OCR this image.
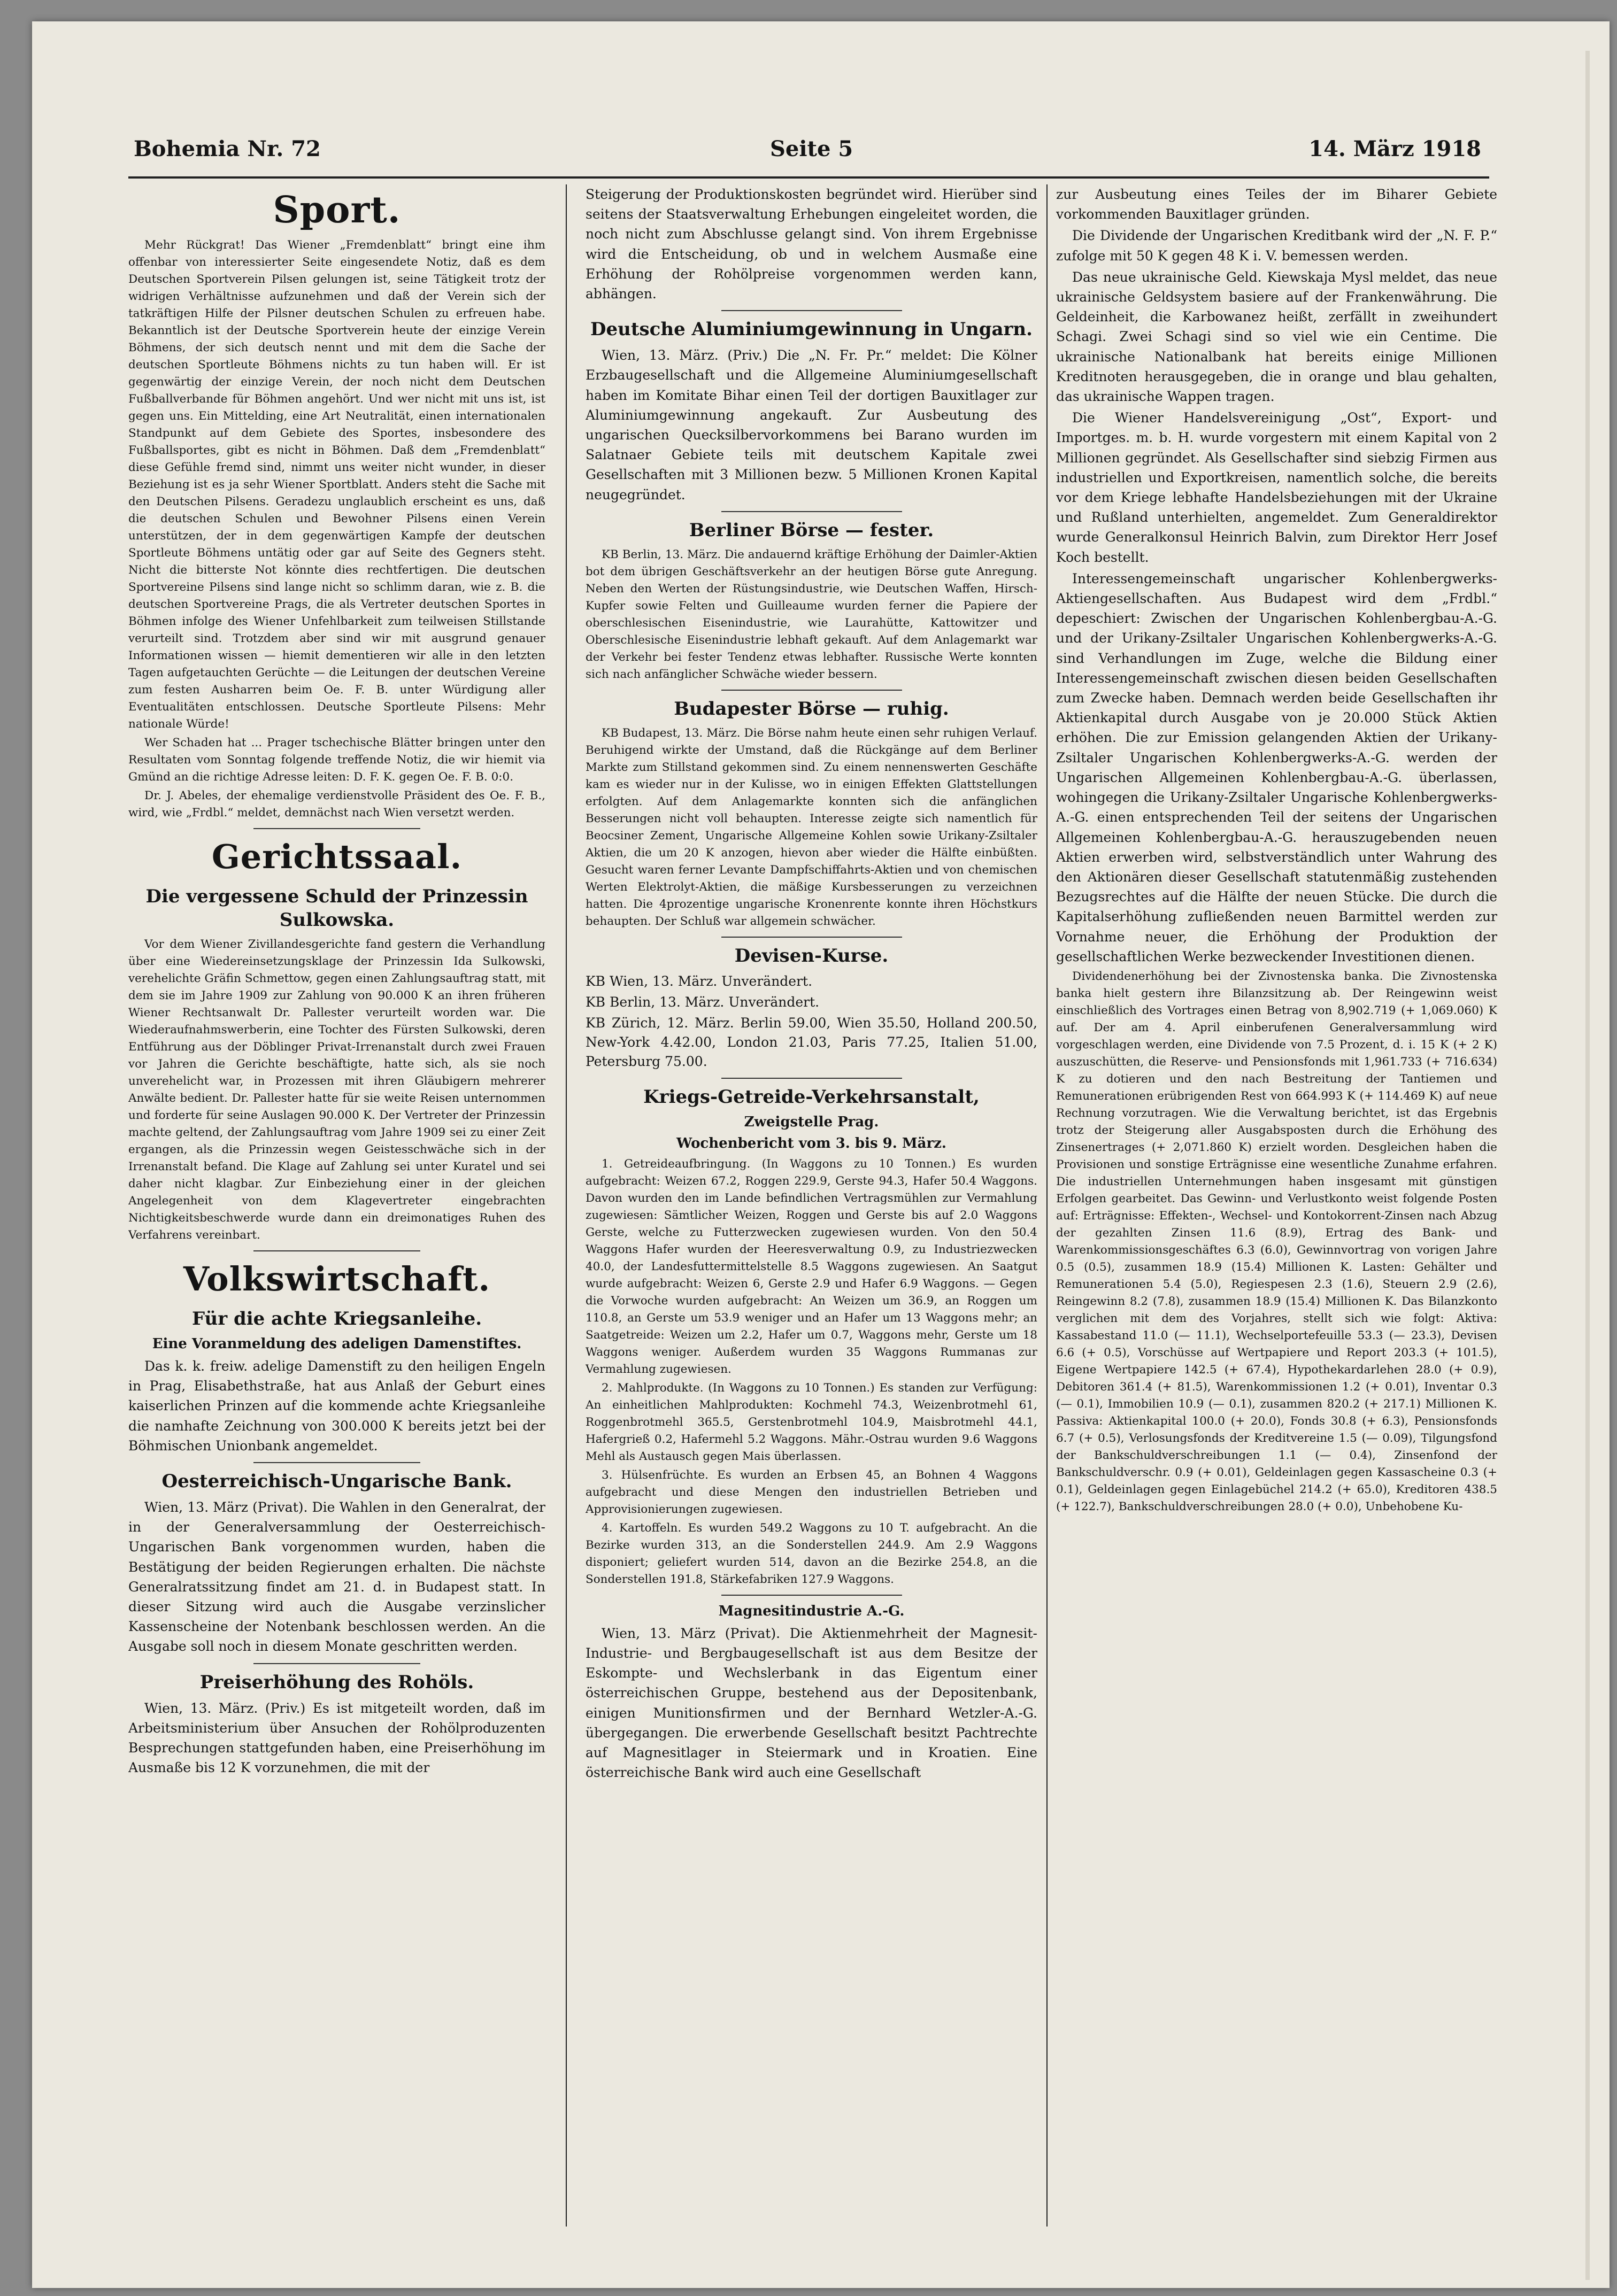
Bohemia Nr. 72	Seite 5	14. März 1918
Sport.

Mehr Rückgrat! Das Wiener „Fremdenblatt“ bringt eine ihm offenbar von interessierter Seite eingesendete Notiz, daß es dem Deutschen Sportverein Pilsen gelungen ist, seine Tätigkeit trotz der widrigen Verhältnisse aufzunehmen und daß der Verein sich der tatkräftigen Hilfe der Pilsner deutschen Schulen zu erfreuen habe. Bekanntlich ist der Deutsche Sportverein heute der einzige Verein Böhmens, der sich deutsch nennt und mit dem die Sache der deutschen Sportleute Böhmens nichts zu tun haben will. Er ist gegenwärtig der einzige Verein, der noch nicht dem Deutschen Fußballverbande für Böhmen angehört. Und wer nicht mit uns ist, ist gegen uns. Ein Mittelding, eine Art Neutralität, einen internationalen Standpunkt auf dem Gebiete des Sportes, insbesondere des Fußballsportes, gibt es nicht in Böhmen. Daß dem „Fremdenblatt“ diese Gefühle fremd sind, nimmt uns weiter nicht wunder, in dieser Beziehung ist es ja sehr Wiener Sportblatt. Anders steht die Sache mit den Deutschen Pilsens. Geradezu unglaublich erscheint es uns, daß die deutschen Schulen und Bewohner Pilsens einen Verein unterstützen, der in dem gegenwärtigen Kampfe der deutschen Sportleute Böhmens untätig oder gar auf Seite des Gegners steht. Nicht die bitterste Not könnte dies rechtfertigen. Die deutschen Sportvereine Pilsens sind lange nicht so schlimm daran, wie z. B. die deutschen Sportvereine Prags, die als Vertreter deutschen Sportes in Böhmen infolge des Wiener Unfehlbarkeit zum teilweisen Stillstande verurteilt sind. Trotzdem aber sind wir mit ausgrund genauer Informationen wissen — hiemit dementieren wir alle in den letzten Tagen aufgetauchten Gerüchte — die Leitungen der deutschen Vereine zum festen Ausharren beim Oe. F. B. unter Würdigung aller Eventualitäten entschlossen. Deutsche Sportleute Pilsens: Mehr nationale Würde!

Wer Schaden hat ... Prager tschechische Blätter bringen unter den Resultaten vom Sonntag folgende treffende Notiz, die wir hiemit via Gmünd an die richtige Adresse leiten: D. F. K. gegen Oe. F. B. 0:0.

Dr. J. Abeles, der ehemalige verdienstvolle Präsident des Oe. F. B., wird, wie „Frdbl.“ meldet, demnächst nach Wien versetzt werden.

Gerichtssaal.
Die vergessene Schuld der Prinzessin Sulkowska.

Vor dem Wiener Zivillandesgerichte fand gestern die Verhandlung über eine Wiedereinsetzungsklage der Prinzessin Ida Sulkowski, verehelichte Gräfin Schmettow, gegen einen Zahlungsauftrag statt, mit dem sie im Jahre 1909 zur Zahlung von 90.000 K an ihren früheren Wiener Rechtsanwalt Dr. Pallester verurteilt worden war. Die Wiederaufnahmswerberin, eine Tochter des Fürsten Sulkowski, deren Entführung aus der Döblinger Privat-Irrenanstalt durch zwei Frauen vor Jahren die Gerichte beschäftigte, hatte sich, als sie noch unverehelicht war, in Prozessen mit ihren Gläubigern mehrerer Anwälte bedient. Dr. Pallester hatte für sie weite Reisen unternommen und forderte für seine Auslagen 90.000 K. Der Vertreter der Prinzessin machte geltend, der Zahlungsauftrag vom Jahre 1909 sei zu einer Zeit ergangen, als die Prinzessin wegen Geistesschwäche sich in der Irrenanstalt befand. Die Klage auf Zahlung sei unter Kuratel und sei daher nicht klagbar. Zur Einbeziehung einer in der gleichen Angelegenheit von dem Klagevertreter eingebrachten Nichtigkeitsbeschwerde wurde dann ein dreimonatiges Ruhen des Verfahrens vereinbart.

Volkswirtschaft.
Für die achte Kriegsanleihe.
Eine Voranmeldung des adeligen Damenstiftes.

Das k. k. freiw. adelige Damenstift zu den heiligen Engeln in Prag, Elisabethstraße, hat aus Anlaß der Geburt eines kaiserlichen Prinzen auf die kommende achte Kriegsanleihe die namhafte Zeichnung von 300.000 K bereits jetzt bei der Böhmischen Unionbank angemeldet.

Oesterreichisch-Ungarische Bank.

Wien, 13. März (Privat). Die Wahlen in den Generalrat, der in der Generalversammlung der Oesterreichisch-Ungarischen Bank vorgenommen wurden, haben die Bestätigung der beiden Regierungen erhalten. Die nächste Generalratssitzung findet am 21. d. in Budapest statt. In dieser Sitzung wird auch die Ausgabe verzinslicher Kassenscheine der Notenbank beschlossen werden. An die Ausgabe soll noch in diesem Monate geschritten werden.

Preiserhöhung des Rohöls.

Wien, 13. März. (Priv.) Es ist mitgeteilt worden, daß im Arbeitsministerium über Ansuchen der Rohölproduzenten Besprechungen stattgefunden haben, eine Preiserhöhung im Ausmaße bis 12 K vorzunehmen, die mit der

Steigerung der Produktionskosten begründet wird. Hierüber sind seitens der Staatsverwaltung Erhebungen eingeleitet worden, die noch nicht zum Abschlusse gelangt sind. Von ihrem Ergebnisse wird die Entscheidung, ob und in welchem Ausmaße eine Erhöhung der Rohölpreise vorgenommen werden kann, abhängen.

Deutsche Aluminiumgewinnung in Ungarn.

Wien, 13. März. (Priv.) Die „N. Fr. Pr.“ meldet: Die Kölner Erzbaugesellschaft und die Allgemeine Aluminiumgesellschaft haben im Komitate Bihar einen Teil der dortigen Bauxitlager zur Aluminiumgewinnung angekauft. Zur Ausbeutung des ungarischen Quecksilbervorkommens bei Barano wurden im Salatnaer Gebiete teils mit deutschem Kapitale zwei Gesellschaften mit 3 Millionen bezw. 5 Millionen Kronen Kapital neugegründet.

Berliner Börse — fester.

KB Berlin, 13. März. Die andauernd kräftige Erhöhung der Daimler-Aktien bot dem übrigen Geschäftsverkehr an der heutigen Börse gute Anregung. Neben den Werten der Rüstungsindustrie, wie Deutschen Waffen, Hirsch-Kupfer sowie Felten und Guilleaume wurden ferner die Papiere der oberschlesischen Eisenindustrie, wie Laurahütte, Kattowitzer und Oberschlesische Eisenindustrie lebhaft gekauft. Auf dem Anlagemarkt war der Verkehr bei fester Tendenz etwas lebhafter. Russische Werte konnten sich nach anfänglicher Schwäche wieder bessern.

Budapester Börse — ruhig.

KB Budapest, 13. März. Die Börse nahm heute einen sehr ruhigen Verlauf. Beruhigend wirkte der Umstand, daß die Rückgänge auf dem Berliner Markte zum Stillstand gekommen sind. Zu einem nennenswerten Geschäfte kam es wieder nur in der Kulisse, wo in einigen Effekten Glattstellungen erfolgten. Auf dem Anlagemarkte konnten sich die anfänglichen Besserungen nicht voll behaupten. Interesse zeigte sich namentlich für Beocsiner Zement, Ungarische Allgemeine Kohlen sowie Urikany-Zsiltaler Aktien, die um 20 K anzogen, hievon aber wieder die Hälfte einbüßten. Gesucht waren ferner Levante Dampfschiffahrts-Aktien und von chemischen Werten Elektrolyt-Aktien, die mäßige Kursbesserungen zu verzeichnen hatten. Die 4prozentige ungarische Kronenrente konnte ihren Höchstkurs behaupten. Der Schluß war allgemein schwächer.

Devisen-Kurse.

KB Wien, 13. März. Unverändert.

KB Berlin, 13. März. Unverändert.

KB Zürich, 12. März. Berlin 59.00, Wien 35.50, Holland 200.50, New-York 4.42.00, London 21.03, Paris 77.25, Italien 51.00, Petersburg 75.00.

Kriegs-Getreide-Verkehrsanstalt,
Zweigstelle Prag.
Wochenbericht vom 3. bis 9. März.

1. Getreideaufbringung. (In Waggons zu 10 Tonnen.) Es wurden aufgebracht: Weizen 67.2, Roggen 229.9, Gerste 94.3, Hafer 50.4 Waggons. Davon wurden den im Lande befindlichen Vertragsmühlen zur Vermahlung zugewiesen: Sämtlicher Weizen, Roggen und Gerste bis auf 2.0 Waggons Gerste, welche zu Futterzwecken zugewiesen wurden. Von den 50.4 Waggons Hafer wurden der Heeresverwaltung 0.9, zu Industriezwecken 40.0, der Landesfuttermittelstelle 8.5 Waggons zugewiesen. An Saatgut wurde aufgebracht: Weizen 6, Gerste 2.9 und Hafer 6.9 Waggons. — Gegen die Vorwoche wurden aufgebracht: An Weizen um 36.9, an Roggen um 110.8, an Gerste um 53.9 weniger und an Hafer um 13 Waggons mehr; an Saatgetreide: Weizen um 2.2, Hafer um 0.7, Waggons mehr, Gerste um 18 Waggons weniger. Außerdem wurden 35 Waggons Rummanas zur Vermahlung zugewiesen.

2. Mahlprodukte. (In Waggons zu 10 Tonnen.) Es standen zur Verfügung: An einheitlichen Mahlprodukten: Kochmehl 74.3, Weizenbrotmehl 61, Roggenbrotmehl 365.5, Gerstenbrotmehl 104.9, Maisbrotmehl 44.1, Hafergrieß 0.2, Hafermehl 5.2 Waggons. Mähr.-Ostrau wurden 9.6 Waggons Mehl als Austausch gegen Mais überlassen.

3. Hülsenfrüchte. Es wurden an Erbsen 45, an Bohnen 4 Waggons aufgebracht und diese Mengen den industriellen Betrieben und Approvisionierungen zugewiesen.

4. Kartoffeln. Es wurden 549.2 Waggons zu 10 T. aufgebracht. An die Bezirke wurden 313, an die Sonderstellen 244.9. Am 2.9 Waggons disponiert; geliefert wurden 514, davon an die Bezirke 254.8, an die Sonderstellen 191.8, Stärkefabriken 127.9 Waggons.

Magnesitindustrie A.-G.

Wien, 13. März (Privat). Die Aktienmehrheit der Magnesit-Industrie- und Bergbaugesellschaft ist aus dem Besitze der Eskompte- und Wechslerbank in das Eigentum einer österreichischen Gruppe, bestehend aus der Depositenbank, einigen Munitionsfirmen und der Bernhard Wetzler-A.-G. übergegangen. Die erwerbende Gesellschaft besitzt Pachtrechte auf Magnesitlager in Steiermark und in Kroatien. Eine österreichische Bank wird auch eine Gesellschaft

zur Ausbeutung eines Teiles der im Biharer Gebiete vorkommenden Bauxitlager gründen.

Die Dividende der Ungarischen Kreditbank wird der „N. F. P.“ zufolge mit 50 K gegen 48 K i. V. bemessen werden.

Das neue ukrainische Geld. Kiewskaja Mysl meldet, das neue ukrainische Geldsystem basiere auf der Frankenwährung. Die Geldeinheit, die Karbowanez heißt, zerfällt in zweihundert Schagi. Zwei Schagi sind so viel wie ein Centime. Die ukrainische Nationalbank hat bereits einige Millionen Kreditnoten herausgegeben, die in orange und blau gehalten, das ukrainische Wappen tragen.

Die Wiener Handelsvereinigung „Ost“, Export- und Importges. m. b. H. wurde vorgestern mit einem Kapital von 2 Millionen gegründet. Als Gesellschafter sind siebzig Firmen aus industriellen und Exportkreisen, namentlich solche, die bereits vor dem Kriege lebhafte Handelsbeziehungen mit der Ukraine und Rußland unterhielten, angemeldet. Zum Generaldirektor wurde Generalkonsul Heinrich Balvin, zum Direktor Herr Josef Koch bestellt.

Interessengemeinschaft ungarischer Kohlenbergwerks-Aktiengesellschaften. Aus Budapest wird dem „Frdbl.“ depeschiert: Zwischen der Ungarischen Kohlenbergbau-A.-G. und der Urikany-Zsiltaler Ungarischen Kohlenbergwerks-A.-G. sind Verhandlungen im Zuge, welche die Bildung einer Interessengemeinschaft zwischen diesen beiden Gesellschaften zum Zwecke haben. Demnach werden beide Gesellschaften ihr Aktienkapital durch Ausgabe von je 20.000 Stück Aktien erhöhen. Die zur Emission gelangenden Aktien der Urikany-Zsiltaler Ungarischen Kohlenbergwerks-A.-G. werden der Ungarischen Allgemeinen Kohlenbergbau-A.-G. überlassen, wohingegen die Urikany-Zsiltaler Ungarische Kohlenbergwerks-A.-G. einen entsprechenden Teil der seitens der Ungarischen Allgemeinen Kohlenbergbau-A.-G. herauszugebenden neuen Aktien erwerben wird, selbstverständlich unter Wahrung des den Aktionären dieser Gesellschaft statutenmäßig zustehenden Bezugsrechtes auf die Hälfte der neuen Stücke. Die durch die Kapitalserhöhung zufließenden neuen Barmittel werden zur Vornahme neuer, die Erhöhung der Produktion der gesellschaftlichen Werke bezweckender Investitionen dienen.

Dividendenerhöhung bei der Zivnostenska banka. Die Zivnostenska banka hielt gestern ihre Bilanzsitzung ab. Der Reingewinn weist einschließlich des Vortrages einen Betrag von 8,902.719 (+ 1,069.060) K auf. Der am 4. April einberufenen Generalversammlung wird vorgeschlagen werden, eine Dividende von 7.5 Prozent, d. i. 15 K (+ 2 K) auszuschütten, die Reserve- und Pensionsfonds mit 1,961.733 (+ 716.634) K zu dotieren und den nach Bestreitung der Tantiemen und Remunerationen erübrigenden Rest von 664.993 K (+ 114.469 K) auf neue Rechnung vorzutragen. Wie die Verwaltung berichtet, ist das Ergebnis trotz der Steigerung aller Ausgabsposten durch die Erhöhung des Zinsenertrages (+ 2,071.860 K) erzielt worden. Desgleichen haben die Provisionen und sonstige Erträgnisse eine wesentliche Zunahme erfahren. Die industriellen Unternehmungen haben insgesamt mit günstigen Erfolgen gearbeitet. Das Gewinn- und Verlustkonto weist folgende Posten auf: Erträgnisse: Effekten-, Wechsel- und Kontokorrent-Zinsen nach Abzug der gezahlten Zinsen 11.6 (8.9), Ertrag des Bank- und Warenkommissionsgeschäftes 6.3 (6.0), Gewinnvortrag von vorigen Jahre 0.5 (0.5), zusammen 18.9 (15.4) Millionen K. Lasten: Gehälter und Remunerationen 5.4 (5.0), Regiespesen 2.3 (1.6), Steuern 2.9 (2.6), Reingewinn 8.2 (7.8), zusammen 18.9 (15.4) Millionen K. Das Bilanzkonto verglichen mit dem des Vorjahres, stellt sich wie folgt: Aktiva: Kassabestand 11.0 (— 11.1), Wechselportefeuille 53.3 (— 23.3), Devisen 6.6 (+ 0.5), Vorschüsse auf Wertpapiere und Report 203.3 (+ 101.5), Eigene Wertpapiere 142.5 (+ 67.4), Hypothekardarlehen 28.0 (+ 0.9), Debitoren 361.4 (+ 81.5), Warenkommissionen 1.2 (+ 0.01), Inventar 0.3 (— 0.1), Immobilien 10.9 (— 0.1), zusammen 820.2 (+ 217.1) Millionen K. Passiva: Aktienkapital 100.0 (+ 20.0), Fonds 30.8 (+ 6.3), Pensionsfonds 6.7 (+ 0.5), Verlosungsfonds der Kreditvereine 1.5 (— 0.09), Tilgungsfond der Bankschuldverschreibungen 1.1 (— 0.4), Zinsenfond der Bankschuldverschr. 0.9 (+ 0.01), Geldeinlagen gegen Kassascheine 0.3 (+ 0.1), Geldeinlagen gegen Einlagebüchel 214.2 (+ 65.0), Kreditoren 438.5 (+ 122.7), Bankschuldverschreibungen 28.0 (+ 0.0), Unbehobene Ku-
